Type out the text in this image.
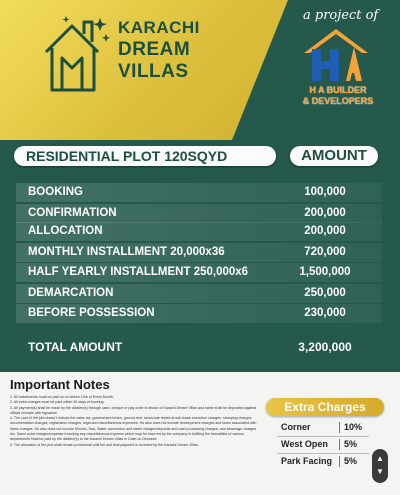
KARACHI
DREAM
VILLAS
a project of
H A BUILDER
& DEVELOPERS
RESIDENTIAL PLOT 120SQYD	AMOUNT
BOOKING	100,000
CONFIRMATION	200,000
ALLOCATION	200,000
MONTHLY INSTALLMENT 20,000x36	720,000
HALF YEARLY INSTALLMENT 250,000x6	1,500,000
DEMARCATION	250,000
BEFORE POSSESSION	230,000
TOTAL AMOUNT	3,200,000
Important Notes
1. All installments must be paid on or before 10th of Every Month.
2. All extra charges must be paid within 30 days of booking.
3. All payment(s) shall be made by the allottee(s) through cash, cheque or pay order in favour of Karachi Dream Villas and same shall be deposited against official receipts with signature.
4. The cost of the plot doesn't include the sales tax, government levies, ground rent, taxes/rate levied at sub-lease execution charges, stamping charges, documentation charges, registration charges, legal and miscellaneous expenses. It's also does not include development charges and taxes associated with these charges. It's also does not include Electric, Gas, Water connection and meter charges/deposits and road processing charges, and sewerage charges etc. Same extra charges/expense including any miscellaneous expense which may be incurred by the company in fulfilling the formalities of various departments shall be paid by the allottee(s) to the Karachi Dream Villas in Cash on Demand.
5. The allocation of the plot shall remain provisional until full and final payment is received by the Karachi Dream Villas.
Extra Charges
Corner	10%
West Open 5%
Park Facing 5%	▲
▼
